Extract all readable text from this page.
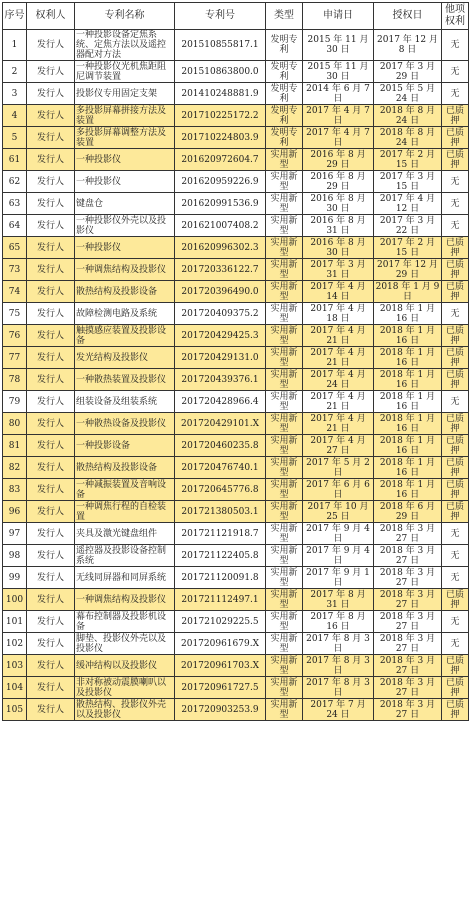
序号	权利人	专利名称	专利号	类型	申请日	授权日	他项权利
1	发行人	一种投影设备定焦系统、定焦方法以及遥控器配对方法	201510855817.1	发明专利	2015 年 11 月 30 日	2017 年 12 月 8 日	无
2	发行人	一种投影仪光机焦距阻尼调节装置	201510863800.0	发明专利	2015 年 11 月 30 日	2017 年 3 月 29 日	无
3	发行人	投影仪专用固定支架	201410248881.9	发明专利	2014 年 6 月 7 日	2015 年 5 月 24 日	无
4	发行人	多投影屏幕拼接方法及装置	201710225172.2	发明专利	2017 年 4 月 7 日	2018 年 8 月 24 日	已质押
5	发行人	多投影屏幕调整方法及装置	201710224803.9	发明专利	2017 年 4 月 7 日	2018 年 8 月 24 日	已质押
61	发行人	一种投影仪	201620972604.7	实用新型	2016 年 8 月 29 日	2017 年 2 月 15 日	已质押
62	发行人	一种投影仪	201620959226.9	实用新型	2016 年 8 月 29 日	2017 年 3 月 15 日	无
63	发行人	键盘仓	201620991536.9	实用新型	2016 年 8 月 30 日	2017 年 4 月 12 日	无
64	发行人	一种投影仪外壳以及投影仪	201621007408.2	实用新型	2016 年 8 月 31 日	2017 年 3 月 22 日	无
65	发行人	一种投影仪	201620996302.3	实用新型	2016 年 8 月 30 日	2017 年 2 月 15 日	已质押
73	发行人	一种调焦结构及投影仪	201720336122.7	实用新型	2017 年 3 月 31 日	2017 年 12 月 29 日	已质押
74	发行人	散热结构及投影设备	201720396490.0	实用新型	2017 年 4 月 14 日	2018 年 1 月 9 日	已质押
75	发行人	故障检测电路及系统	201720409375.2	实用新型	2017 年 4 月 18 日	2018 年 1 月 16 日	无
76	发行人	触摸感应装置及投影设备	201720429425.3	实用新型	2017 年 4 月 21 日	2018 年 1 月 16 日	已质押
77	发行人	发光结构及投影仪	201720429131.0	实用新型	2017 年 4 月 21 日	2018 年 1 月 16 日	已质押
78	发行人	一种散热装置及投影仪	201720439376.1	实用新型	2017 年 4 月 24 日	2018 年 1 月 16 日	已质押
79	发行人	组装设备及组装系统	201720428966.4	实用新型	2017 年 4 月 21 日	2018 年 1 月 16 日	无
80	发行人	一种散热设备及投影仪	201720429101.X	实用新型	2017 年 4 月 21 日	2018 年 1 月 16 日	已质押
81	发行人	一种投影设备	201720460235.8	实用新型	2017 年 4 月 27 日	2018 年 1 月 16 日	已质押
82	发行人	散热结构及投影设备	201720476740.1	实用新型	2017 年 5 月 2 日	2018 年 1 月 16 日	已质押
83	发行人	一种减振装置及音响设备	201720645776.8	实用新型	2017 年 6 月 6 日	2018 年 1 月 16 日	已质押
96	发行人	一种调焦行程的自检装置	201721380503.1	实用新型	2017 年 10 月 25 日	2018 年 6 月 29 日	已质押
97	发行人	夹具及激光键盘组件	201721121918.7	实用新型	2017 年 9 月 4 日	2018 年 3 月 27 日	无
98	发行人	遥控器及投影设备控制系统	201721122405.8	实用新型	2017 年 9 月 4 日	2018 年 3 月 27 日	无
99	发行人	无线同屏器和同屏系统	201721120091.8	实用新型	2017 年 9 月 1 日	2018 年 3 月 27 日	无
100	发行人	一种调焦结构及投影仪	201721112497.1	实用新型	2017 年 8 月 31 日	2018 年 3 月 27 日	已质押
101	发行人	幕布控制器及投影机设备	201721029225.5	实用新型	2017 年 8 月 16 日	2018 年 3 月 27 日	无
102	发行人	脚垫、投影仪外壳以及投影仪	201720961679.X	实用新型	2017 年 8 月 3 日	2018 年 3 月 27 日	无
103	发行人	缓冲结构以及投影仪	201720961703.X	实用新型	2017 年 8 月 3 日	2018 年 3 月 27 日	已质押
104	发行人	非对称被动震膜喇叭以及投影仪	201720961727.5	实用新型	2017 年 8 月 3 日	2018 年 3 月 27 日	已质押
105	发行人	散热结构、投影仪外壳以及投影仪	201720903253.9	实用新型	2017 年 7 月 24 日	2018 年 3 月 27 日	已质押
